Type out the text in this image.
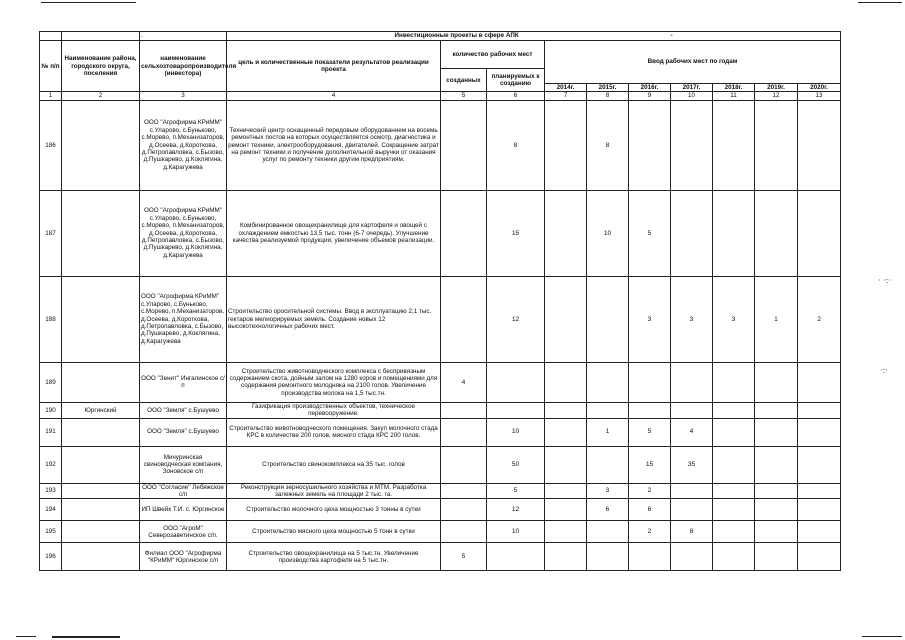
· ·:·
·:·
		.	Инвестиционные проекты в сфере АПК -									
№ п/п	Наименование района, городского округа, поселения	наименование сельхозтоваропроизводителя (инвестора)	цель и количественные показатели результатов реализации проекта	количество рабочих мест		Ввод рабочих мест по годам						
				созданных	планируемых к созданию							
						2014г.	2015г.	2016г.	2017г.	2018г.	2019г.	2020г.
1	2	3	4	5	6	7	8	9	10	11	12	13
186		ООО "Агрофирма КРиММ" с.Уларово, с.Буньково, с.Морево, п.Механизаторов, д.Осеева, д.Короткова, д.Петропавловка, с.Бызово, д.Пушкарево, д.Коклягина, д.Карагужева	Технический центр оснащенный передовым оборудованием на восемь ремонтных постов на которых осуществляется осмотр, диагностика и ремонт техники, электрооборудования, двигателей. Сокращение затрат на ремонт техники и получение дополнительной выручки от оказания услуг по ремонту техники другим предприятиям.		8		8					
187		ООО "Агрофирма КРиММ" с.Уларово, с.Буньково, с.Морево, п.Механизаторов, д.Осеева, д.Короткова, д.Петропавловка, с.Бызово, д.Пушкарево, д.Коклягина, д.Карагужева	Комбинированное овощехранилище для картофеля и овощей с охлаждением емкостью 13,5 тыс. тонн (6-7 очередь). Улучшение качества реализуемой продукции, увеличение объемов реализации.		15		10	5				
188		ООО "Агрофирма КРиММ" с.Уларово, с.Буньково, с.Морево, п.Механизаторов, д.Осеева, д.Короткова, д.Петропавловка, с.Бызово, д.Пушкарево, д.Коклягина, д.Карагужева	Строительство оросительной системы. Ввод в эксплуатацию 2,1 тыс. гектаров мелиорируемых земель. Создание новых 12 высокотехнологичных рабочих мест.		12			3	3	3	1	2
189		ООО "Зенит" Ингалинское с/п	Строительство животноводческого комплекса с беспривязным содержанием скота, дойным залом на 1280 коров и помещениями для содержания ремонтного молодняка на 2100 голов. Увеличение производства молока на 1,5 тыс.тн.	4								
190	Юргинский	ООО "Земля" с.Бушуево	Газификация производственных объектов, техническое перевооружение.									
191		ООО "Земля" с.Бушуево	Строительство животноводческого помещения. Закуп молочного стада КРС в количестве 200 голов, мясного стада КРС 200 голов.		10		1	5	4			
192		Мичуринская свиноводческая компания, Зоновское с/п	Строительство свинокомплекса на 35 тыс. голов		50			15	35			
193		ООО "Согласие" Лебяжское с/п	Реконструкция зерносушильного хозяйства и МТМ. Разработка залежных земель на площади 2 тыс. га.		5		3	2				
194		ИП Швейк Т.И. с. Юргинское	Строительство молочного цеха мощностью 3 тонны в сутки		12		6	6				
195		ООО "АгроМ" Северозаветинское с/п.	Строительство мясного цеха мощностью 5 тонн в сутки		10			2	8			
196		Филиал ООО "Агрофирма "КРиММ" Юргинское с/п	Строительство овощехранилища на 5 тыс.тн. Увеличение производства картофеля на 5 тыс.тн.	5								
